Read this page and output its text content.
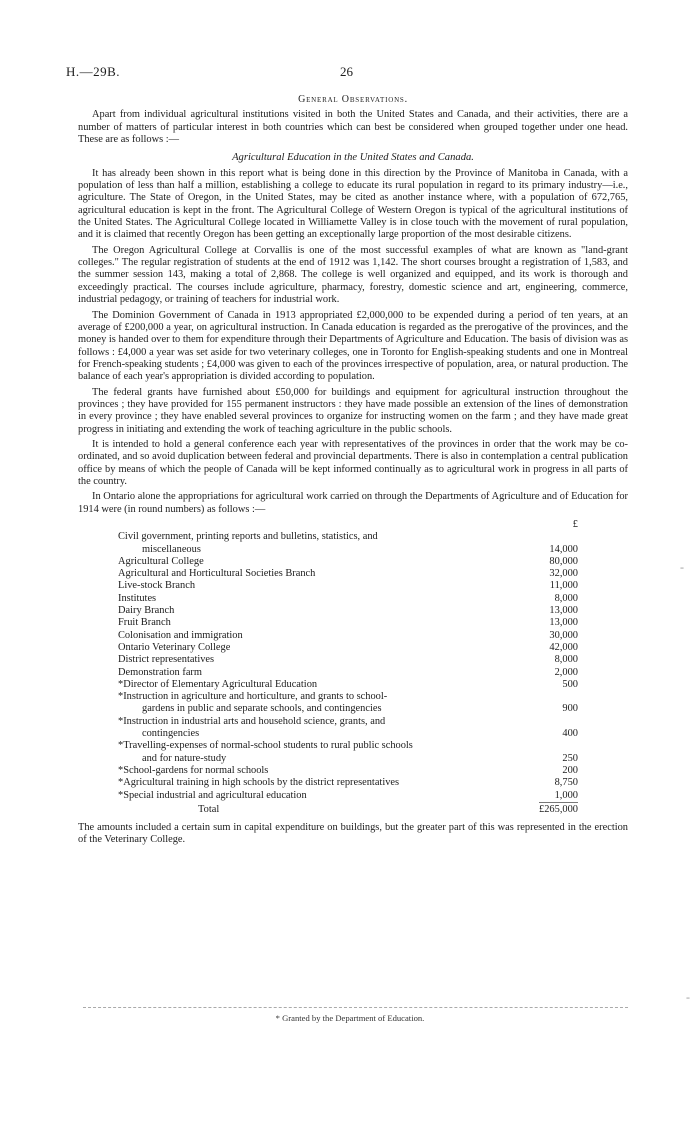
H.—29B.	26
General Observations.

Apart from individual agricultural institutions visited in both the United States and Canada, and their activities, there are a number of matters of particular interest in both countries which can best be considered when grouped together under one head. These are as follows :—

Agricultural Education in the United States and Canada.

It has already been shown in this report what is being done in this direction by the Province of Manitoba in Canada, with a population of less than half a million, establishing a college to educate its rural population in regard to its primary industry—i.e., agriculture. The State of Oregon, in the United States, may be cited as another instance where, with a population of 672,765, agricultural education is kept in the front. The Agricultural College of Western Oregon is typical of the agricultural institutions of the United States. The Agricultural College located in Williamette Valley is in close touch with the movement of rural population, and it is claimed that recently Oregon has been getting an exceptionally large proportion of the most desirable citizens.

The Oregon Agricultural College at Corvallis is one of the most successful examples of what are known as "land-grant colleges." The regular registration of students at the end of 1912 was 1,142. The short courses brought a registration of 1,583, and the summer session 143, making a total of 2,868. The college is well organized and equipped, and its work is thorough and exceedingly practical. The courses include agriculture, pharmacy, forestry, domestic science and art, engineering, commerce, industrial pedagogy, or training of teachers for industrial work.

The Dominion Government of Canada in 1913 appropriated £2,000,000 to be expended during a period of ten years, at an average of £200,000 a year, on agricultural instruction. In Canada education is regarded as the prerogative of the provinces, and the money is handed over to them for expenditure through their Departments of Agriculture and Education. The basis of division was as follows : £4,000 a year was set aside for two veterinary colleges, one in Toronto for English-speaking students and one in Montreal for French-speaking students ; £4,000 was given to each of the provinces irrespective of population, area, or natural production. The balance of each year's appropriation is divided according to population.

The federal grants have furnished about £50,000 for buildings and equipment for agricultural instruction throughout the provinces ; they have provided for 155 permanent instructors : they have made possible an extension of the lines of demonstration in every province ; they have enabled several provinces to organize for instructing women on the farm ; and they have made great progress in initiating and extending the work of teaching agriculture in the public schools.

It is intended to hold a general conference each year with representatives of the provinces in order that the work may be co-ordinated, and so avoid duplication between federal and provincial departments. There is also in contemplation a central publication office by means of which the people of Canada will be kept informed continually as to agricultural work in progress in all parts of the country.

In Ontario alone the appropriations for agricultural work carried on through the Departments of Agriculture and of Education for 1914 were (in round numbers) as follows :—

	£
Civil government, printing reports and bulletins, statistics, and	
miscellaneous	14,000
Agricultural College	80,000
Agricultural and Horticultural Societies Branch	32,000
Live-stock Branch	11,000
Institutes	8,000
Dairy Branch	13,000
Fruit Branch	13,000
Colonisation and immigration	30,000
Ontario Veterinary College	42,000
District representatives	8,000
Demonstration farm	2,000
*Director of Elementary Agricultural Education	500
*Instruction in agriculture and horticulture, and grants to school-	
gardens in public and separate schools, and contingencies	900
*Instruction in industrial arts and household science, grants, and	
contingencies	400
*Travelling-expenses of normal-school students to rural public schools	
and for nature-study	250
*School-gardens for normal schools	200
*Agricultural training in high schools by the district representatives	8,750
*Special industrial and agricultural education	1,000
Total	£265,000

The amounts included a certain sum in capital expenditure on buildings, but the greater part of this was represented in the erection of the Veterinary College.

* Granted by the Department of Education.
-
-
